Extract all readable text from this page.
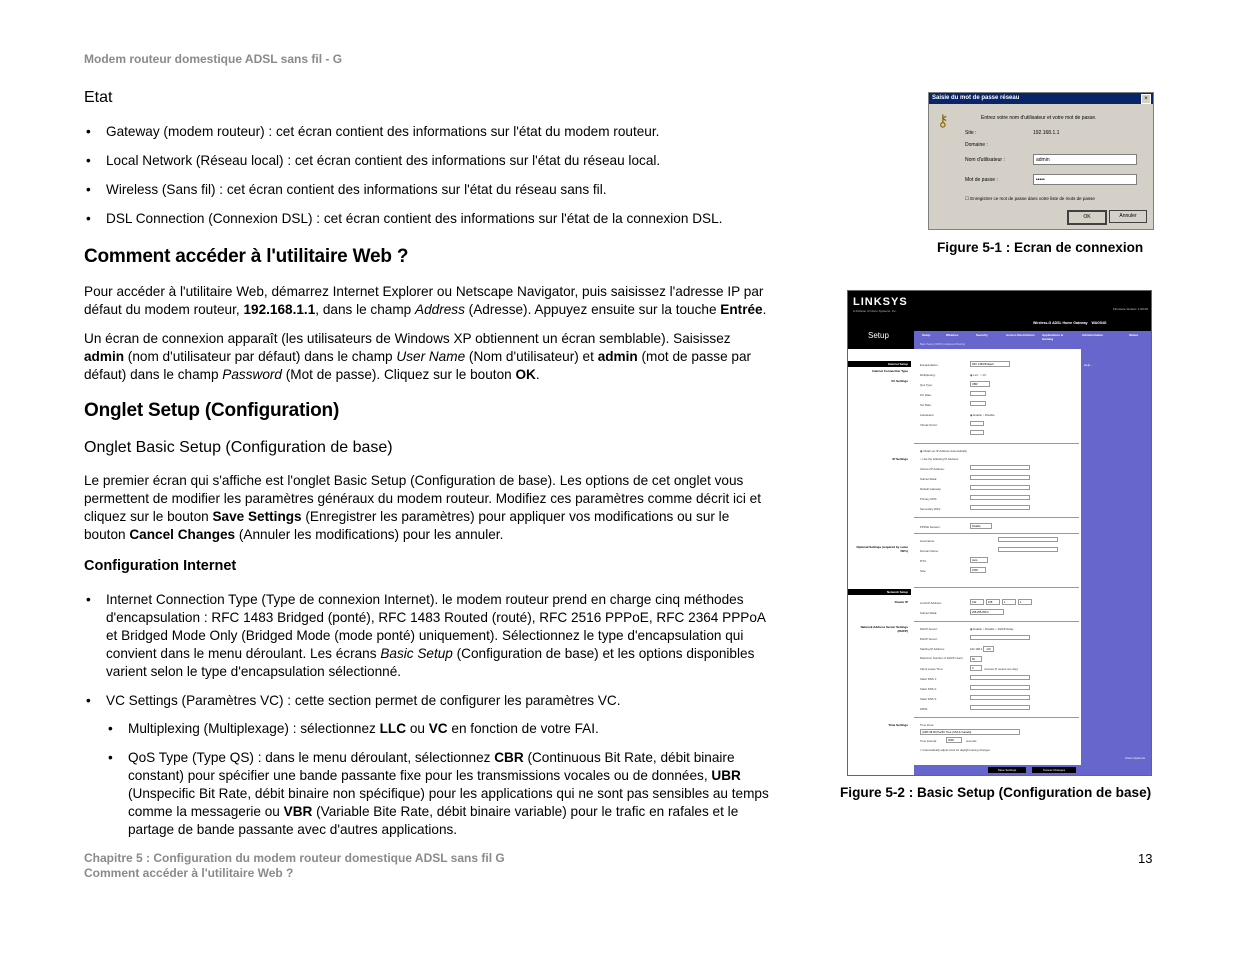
Modem routeur domestique ADSL sans fil - G
Etat
• Gateway (modem routeur) : cet écran contient des informations sur l'état du modem routeur.
• Local Network (Réseau local) : cet écran contient des informations sur l'état du réseau local.
• Wireless (Sans fil) : cet écran contient des informations sur l'état du réseau sans fil.
• DSL Connection (Connexion DSL) : cet écran contient des informations sur l'état de la connexion DSL.
Comment accéder à l'utilitaire Web ?

Pour accéder à l'utilitaire Web, démarrez Internet Explorer ou Netscape Navigator, puis saisissez l'adresse IP par défaut du modem routeur, 192.168.1.1, dans le champ Address (Adresse). Appuyez ensuite sur la touche Entrée.

Un écran de connexion apparaît (les utilisateurs de Windows XP obtiennent un écran semblable). Saisissez admin (nom d'utilisateur par défaut) dans le champ User Name (Nom d'utilisateur) et admin (mot de passe par défaut) dans le champ Password (Mot de passe). Cliquez sur le bouton OK.

Onglet Setup (Configuration)
Onglet Basic Setup (Configuration de base)

Le premier écran qui s'affiche est l'onglet Basic Setup (Configuration de base). Les options de cet onglet vous permettent de modifier les paramètres généraux du modem routeur. Modifiez ces paramètres comme décrit ici et cliquez sur le bouton Save Settings (Enregistrer les paramètres) pour appliquer vos modifications ou sur le bouton Cancel Changes (Annuler les modifications) pour les annuler.

Configuration Internet
• Internet Connection Type (Type de connexion Internet). le modem routeur prend en charge cinq méthodes d'encapsulation : RFC 1483 Bridged (ponté), RFC 1483 Routed (routé), RFC 2516 PPPoE, RFC 2364 PPPoA et Bridged Mode Only (Bridged Mode (mode ponté) uniquement). Sélectionnez le type d'encapsulation qui convient dans le menu déroulant. Les écrans Basic Setup (Configuration de base) et les options disponibles varient selon le type d'encapsulation sélectionné.
• VC Settings (Paramètres VC) : cette section permet de configurer les paramètres VC.
• Multiplexing (Multiplexage) : sélectionnez LLC ou VC en fonction de votre FAI.
• QoS Type (Type QS) : dans le menu déroulant, sélectionnez CBR (Continuous Bit Rate, débit binaire constant) pour spécifier une bande passante fixe pour les transmissions vocales ou de données, UBR (Unspecific Bit Rate, débit binaire non spécifique) pour les applications qui ne sont pas sensibles au temps comme la messagerie ou VBR (Variable Bite Rate, débit binaire variable) pour le trafic en rafales et le partage de bande passante avec d'autres applications.
Saisie du mot de passe réseau	×
⚷	Entrez votre nom d'utilisateur et votre mot de passe.
Site :	192.168.1.1
Domaine :
Nom d'utilisateur :	admin
Mot de passe :	•••••
☐ Enregistrer ce mot de passe dans votre liste de mots de passe
OK	Annuler
Figure 5-1 : Ecran de connexion
LINKSYS
A Division of Cisco Systems, Inc.	Firmware Version: 1.00.00
Setup
Wireless-G ADSL Home Gateway WAG54G
Setup	Wireless	Security	Access Restrictions	Applications & Gaming
Administration	Status
Basic Setup | DDNS | Advanced Routing
Internet Setup
Internet Connection Type
VC Settings
IP Settings
Optional Settings (required by some ISPs)
Network Setup
Router IP
Network Address Server Settings (DHCP)
Time Settings
Encapsulation:	RFC 1483 Bridged
Multiplexing:	◉ LLC  ○ VC
Qos Type:	UBR
Pcr Rate:
Scr Rate:
Autodetect:	◉ Enable ○ Disable
Virtual Circuit:
◉ Obtain an IP Address Automatically
○ Use the following IP Address:
Internet IP Address:
Subnet Mask:
Default Gateway:
Primary DNS:
Secondary DNS:
PPPoE Session:	Disable
Host Name:
Domain Name:
MTU:	Auto
Size:	1500
Local IP Address:	192	168	1	1
Subnet Mask:	255.255.255.0
DHCP Server:	◉ Enable ○ Disable ○ DHCP Relay
DHCP Server:
Starting IP Address:	192.168.1. 100
Maximum Number of DHCP Users:	50
Client Lease Time:	0	minutes (0 means one day)
Static DNS 1:
Static DNS 2:
Static DNS 3:
WINS:
Time Zone:
(GMT-08:00) Pacific Time (USA & Canada)
Time Interval:	3600	seconds
☐ Automatically adjust clock for daylight saving changes
Help...
Cisco Systems
Save Settings	Cancel Changes
Figure 5-2 : Basic Setup (Configuration de base)
Chapitre 5 : Configuration du modem routeur domestique ADSL sans fil G
Comment accéder à l'utilitaire Web ?
13
